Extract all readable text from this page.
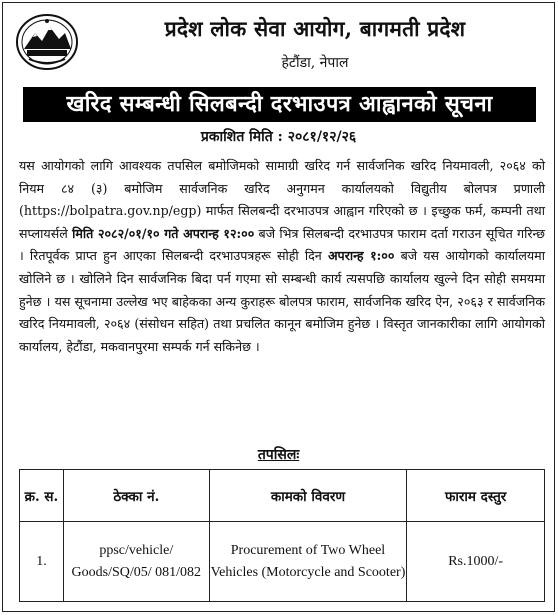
प्रदेश लोक सेवा आयोग, बागमती प्रदेश
हेटौंडा, नेपाल
खरिद सम्बन्धी सिलबन्दी दरभाउपत्र आह्वानको सूचना
प्रकाशित मिति : २०८१/१२/२६
यस आयोगको लागि आवश्यक तपसिल बमोजिमको सामाग्री खरिद गर्न सार्वजनिक खरिद नियमावली, २०६४ को नियम ८४ (३) बमोजिम सार्वजनिक खरिद अनुगमन कार्यालयको विद्युतीय बोलपत्र प्रणाली (https://bolpatra.gov.np/egp) मार्फत सिलबन्दी दरभाउपत्र आह्वान गरिएको छ । इच्छुक फर्म, कम्पनी तथा सप्लायर्सले मिति २०८२/०१/१० गते अपरान्ह १२:०० बजे भित्र सिलबन्दी दरभाउपत्र फाराम दर्ता गराउन सूचित गरिन्छ । रितपूर्वक प्राप्त हुन आएका सिलबन्दी दरभाउपत्रहरू सोही दिन अपरान्ह १:०० बजे यस आयोगको कार्यालयमा खोलिने छ । खोलिने दिन सार्वजनिक बिदा पर्न गएमा सो सम्बन्धी कार्य त्यसपछि कार्यालय खुल्ने दिन सोही समयमा हुनेछ । यस सूचनामा उल्लेख भए बाहेकका अन्य कुराहरू बोलपत्र फाराम, सार्वजनिक खरिद ऐन, २०६३ र सार्वजनिक खरिद नियमावली, २०६४ (संसोधन सहित) तथा प्रचलित कानून बमोजिम हुनेछ । विस्तृत जानकारीका लागि आयोगको कार्यालय, हेटौंडा, मकवानपुरमा सम्पर्क गर्न सकिनेछ ।
तपसिलः
क्र. स.	ठेक्का नं.	कामको विवरण	फाराम दस्तुर
1.	ppsc/vehicle/ Goods/SQ/05/ 081/082	Procurement of Two Wheel Vehicles (Motorcycle and Scooter)	Rs.1000/-
